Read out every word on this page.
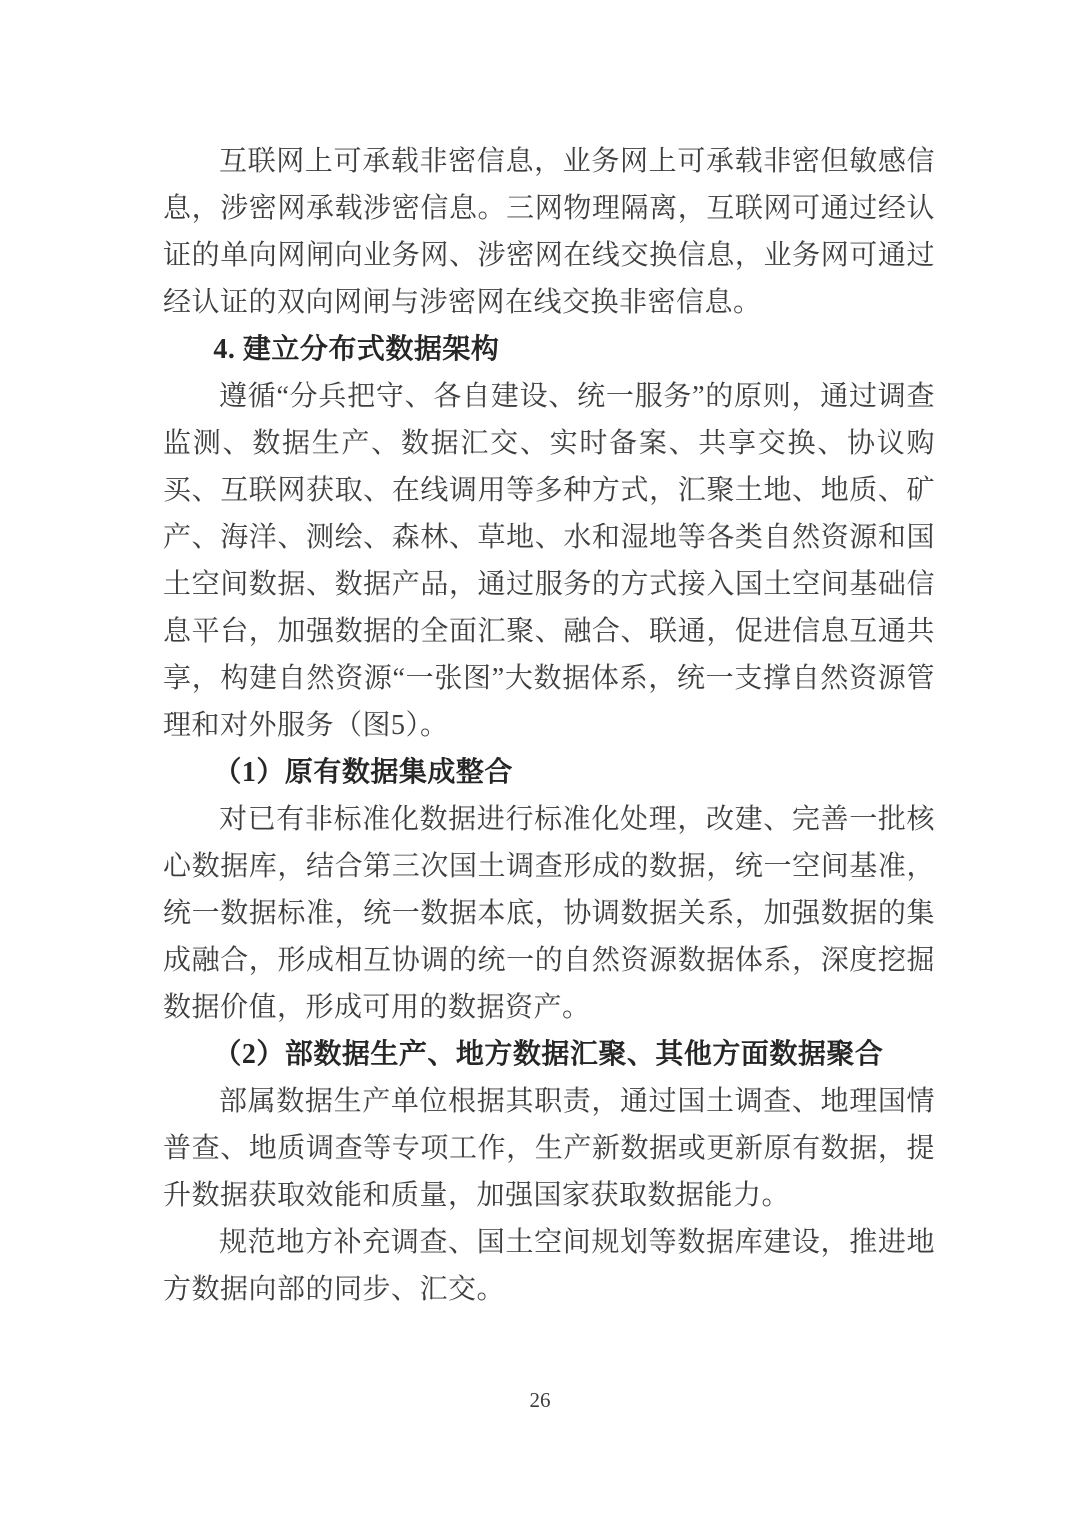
互联网上可承载非密信息，业务网上可承载非密但敏感信息，涉密网承载涉密信息。三网物理隔离，互联网可通过经认证的单向网闸向业务网、涉密网在线交换信息，业务网可通过经认证的双向网闸与涉密网在线交换非密信息。

4. 建立分布式数据架构

遵循“分兵把守、各自建设、统一服务”的原则，通过调查监测、数据生产、数据汇交、实时备案、共享交换、协议购买、互联网获取、在线调用等多种方式，汇聚土地、地质、矿产、海洋、测绘、森林、草地、水和湿地等各类自然资源和国土空间数据、数据产品，通过服务的方式接入国土空间基础信息平台，加强数据的全面汇聚、融合、联通，促进信息互通共享，构建自然资源“一张图”大数据体系，统一支撑自然资源管理和对外服务（图5）。

（1）原有数据集成整合

对已有非标准化数据进行标准化处理，改建、完善一批核心数据库，结合第三次国土调查形成的数据，统一空间基准，统一数据标准，统一数据本底，协调数据关系，加强数据的集成融合，形成相互协调的统一的自然资源数据体系，深度挖掘数据价值，形成可用的数据资产。

（2）部数据生产、地方数据汇聚、其他方面数据聚合

部属数据生产单位根据其职责，通过国土调查、地理国情普查、地质调查等专项工作，生产新数据或更新原有数据，提升数据获取效能和质量，加强国家获取数据能力。

规范地方补充调查、国土空间规划等数据库建设，推进地方数据向部的同步、汇交。

26
